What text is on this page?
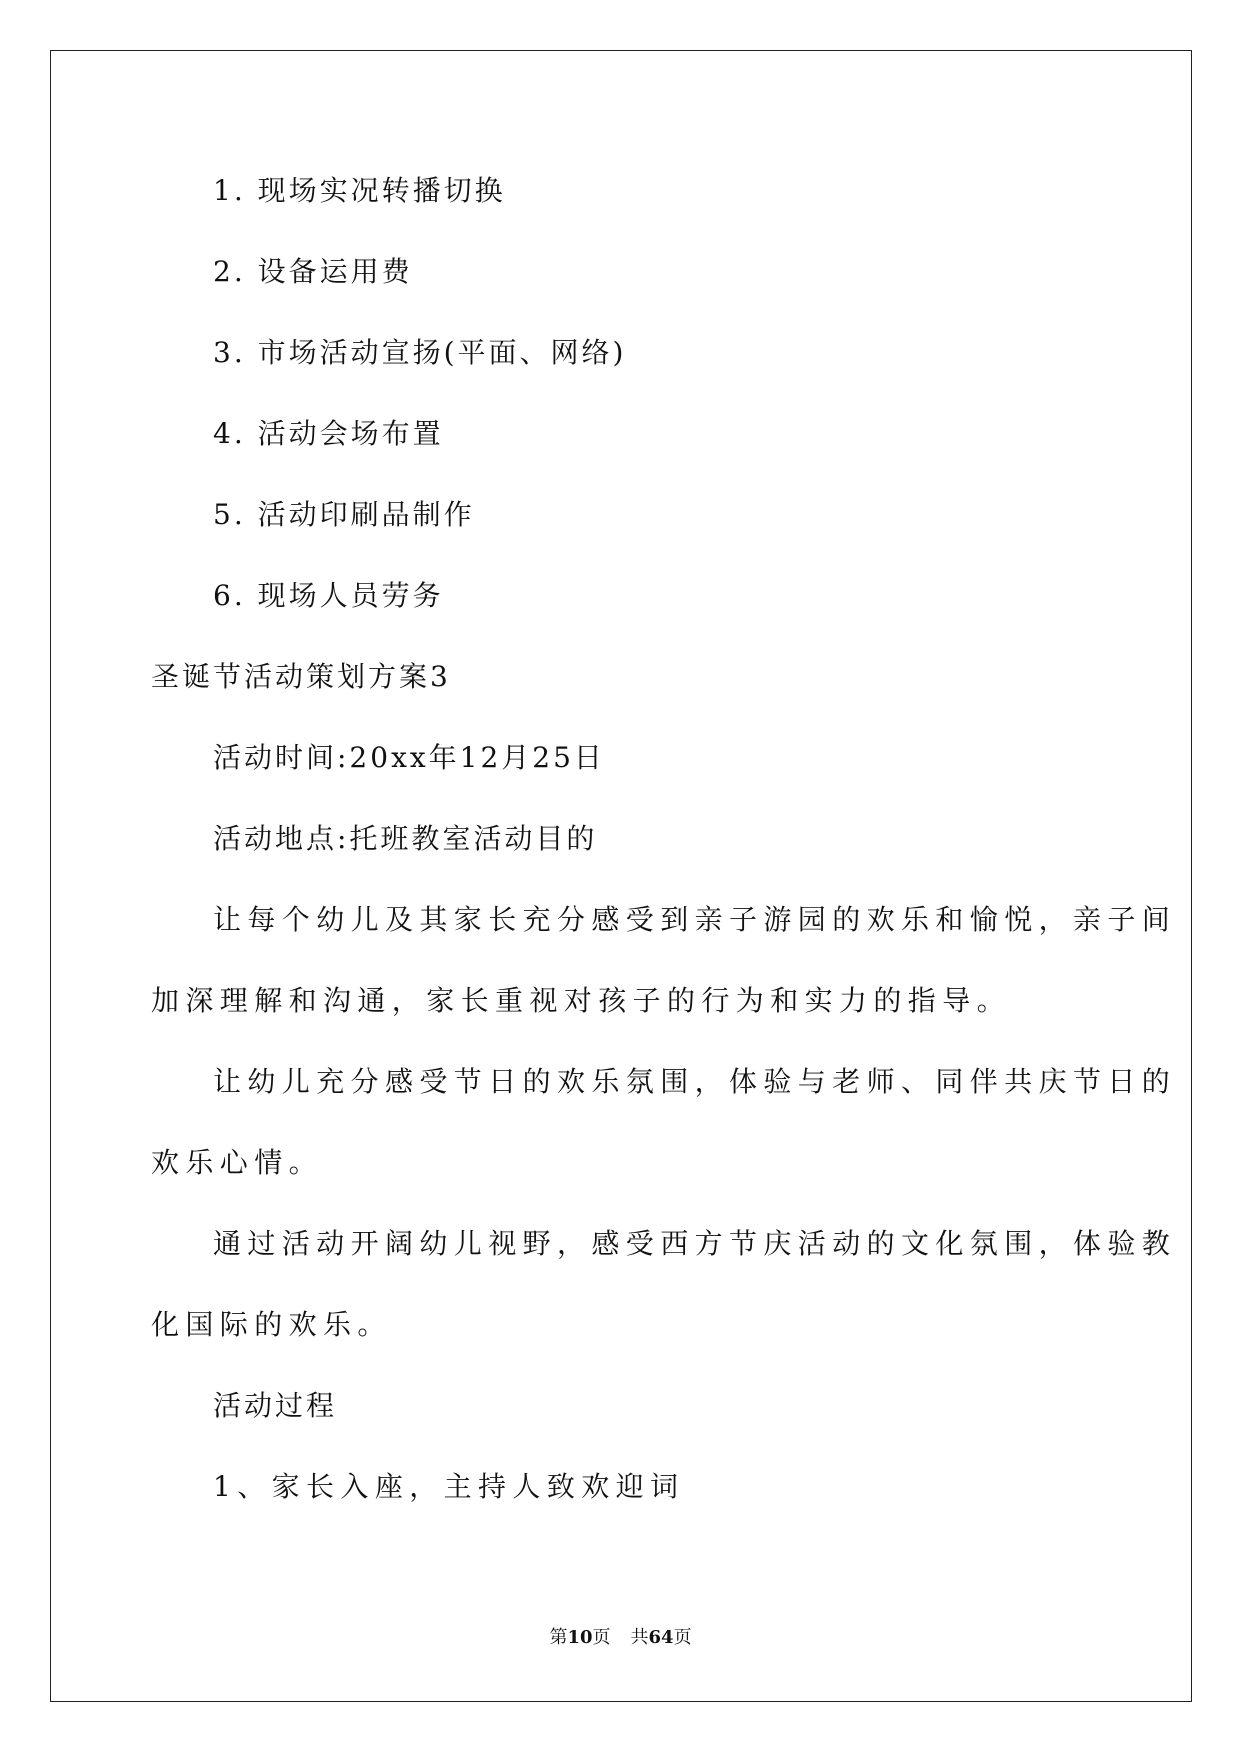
1. 现场实况转播切换
2. 设备运用费
3. 市场活动宣扬(平面、网络)
4. 活动会场布置
5. 活动印刷品制作
6. 现场人员劳务
圣诞节活动策划方案3
活动时间:20xx年12月25日
活动地点:托班教室活动目的
让每个幼儿及其家长充分感受到亲子游园的欢乐和愉悦，亲子间
加深理解和沟通，家长重视对孩子的行为和实力的指导。
让幼儿充分感受节日的欢乐氛围，体验与老师、同伴共庆节日的
欢乐心情。
通过活动开阔幼儿视野，感受西方节庆活动的文化氛围，体验教
化国际的欢乐。
活动过程
1、家长入座，主持人致欢迎词
第10页 共64页
